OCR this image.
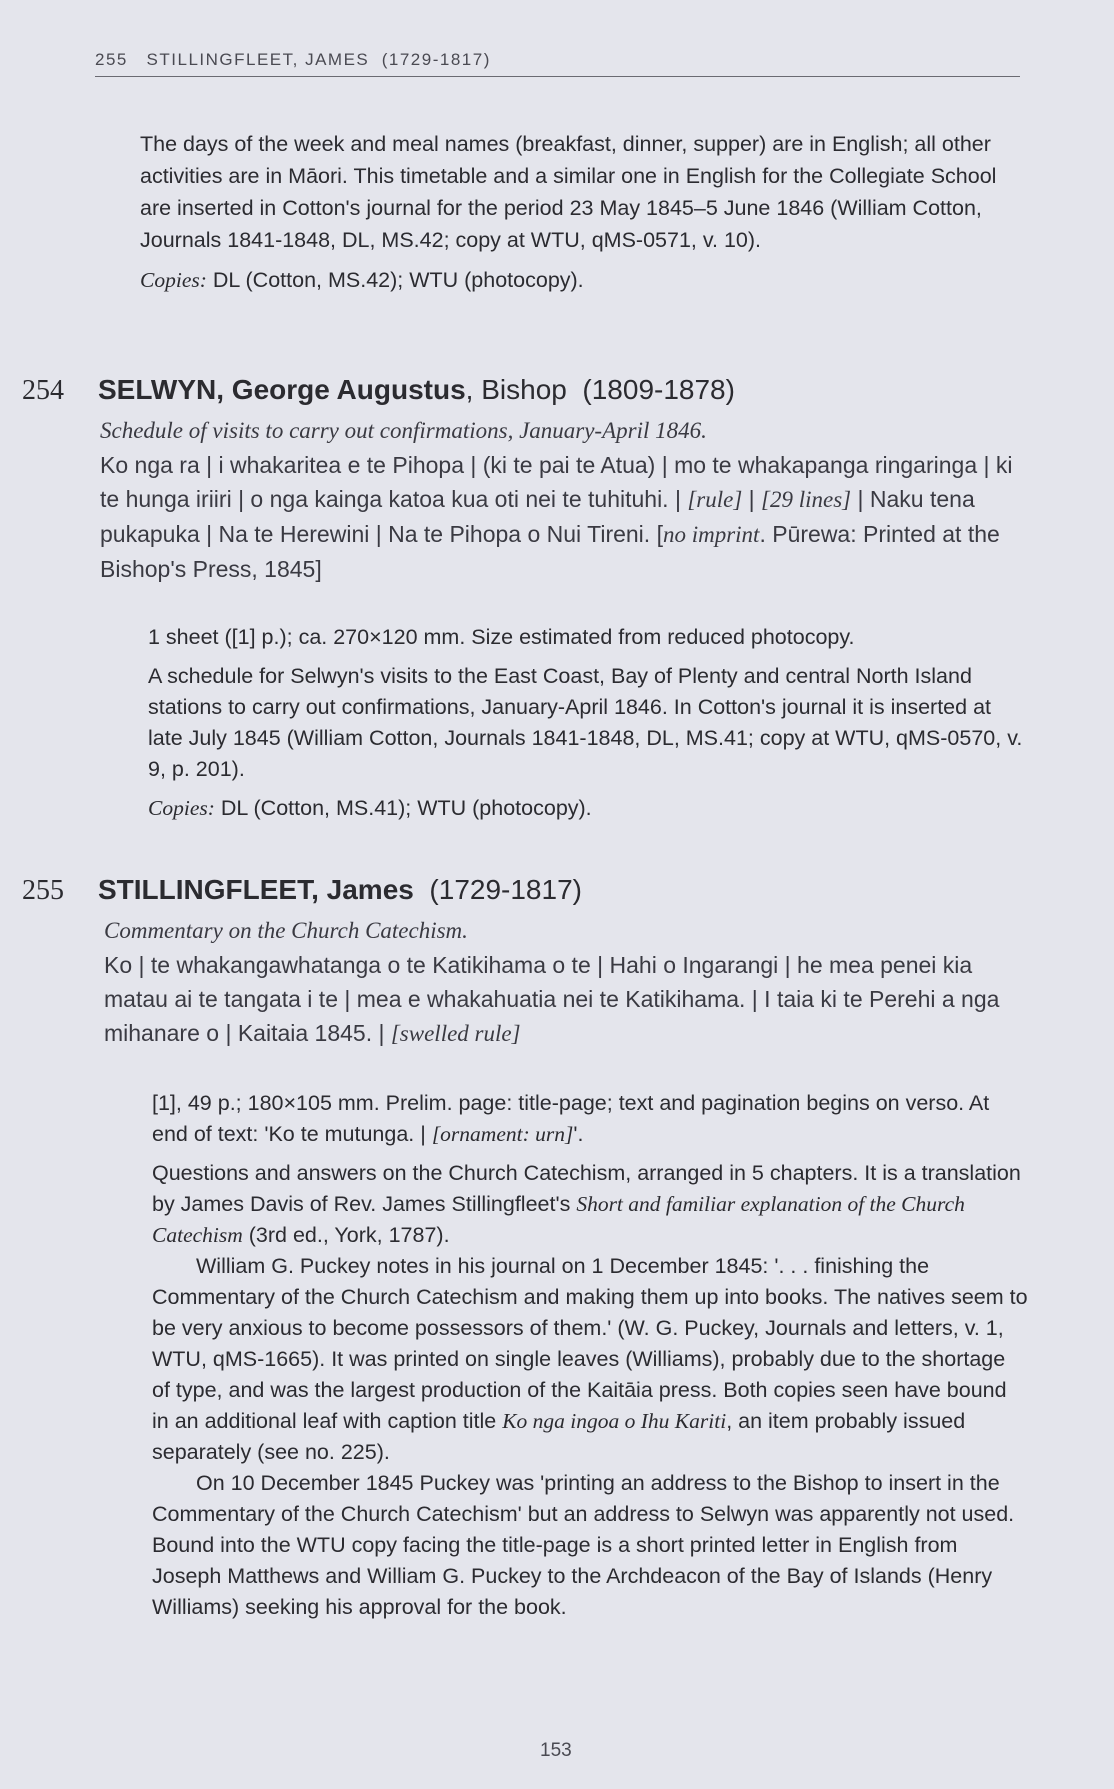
255 STILLINGFLEET, JAMES (1729-1817)

The days of the week and meal names (breakfast, dinner, supper) are in English; all other activities are in Māori. This timetable and a similar one in English for the Collegiate School are inserted in Cotton's journal for the period 23 May 1845–5 June 1846 (William Cotton, Journals 1841-1848, DL, MS.42; copy at WTU, qMS-0571, v. 10).

Copies: DL (Cotton, MS.42); WTU (photocopy).

254 SELWYN, George Augustus, Bishop (1809-1878)
Schedule of visits to carry out confirmations, January-April 1846.
Ko nga ra | i whakaritea e te Pihopa | (ki te pai te Atua) | mo te whakapanga ringaringa | ki te hunga iriiri | o nga kainga katoa kua oti nei te tuhituhi. | [rule] | [29 lines] | Naku tena pukapuka | Na te Herewini | Na te Pihopa o Nui Tireni. [no imprint. Pūrewa: Printed at the Bishop's Press, 1845]

1 sheet ([1] p.); ca. 270×120 mm. Size estimated from reduced photocopy.

A schedule for Selwyn's visits to the East Coast, Bay of Plenty and central North Island stations to carry out confirmations, January-April 1846. In Cotton's journal it is inserted at late July 1845 (William Cotton, Journals 1841-1848, DL, MS.41; copy at WTU, qMS-0570, v. 9, p. 201).

Copies: DL (Cotton, MS.41); WTU (photocopy).

255 STILLINGFLEET, James (1729-1817)
Commentary on the Church Catechism.
Ko | te whakangawhatanga o te Katikihama o te | Hahi o Ingarangi | he mea penei kia matau ai te tangata i te | mea e whakahuatia nei te Katikihama. | I taia ki te Perehi a nga mihanare o | Kaitaia 1845. | [swelled rule]

[1], 49 p.; 180×105 mm. Prelim. page: title-page; text and pagination begins on verso. At end of text: 'Ko te mutunga. | [ornament: urn]'.

Questions and answers on the Church Catechism, arranged in 5 chapters. It is a translation by James Davis of Rev. James Stillingfleet's Short and familiar explanation of the Church Catechism (3rd ed., York, 1787).

William G. Puckey notes in his journal on 1 December 1845: '. . . finishing the Commentary of the Church Catechism and making them up into books. The natives seem to be very anxious to become possessors of them.' (W. G. Puckey, Journals and letters, v. 1, WTU, qMS-1665). It was printed on single leaves (Williams), probably due to the shortage of type, and was the largest production of the Kaitāia press. Both copies seen have bound in an additional leaf with caption title Ko nga ingoa o Ihu Kariti, an item probably issued separately (see no. 225).

On 10 December 1845 Puckey was 'printing an address to the Bishop to insert in the Commentary of the Church Catechism' but an address to Selwyn was apparently not used. Bound into the WTU copy facing the title-page is a short printed letter in English from Joseph Matthews and William G. Puckey to the Archdeacon of the Bay of Islands (Henry Williams) seeking his approval for the book.

153
